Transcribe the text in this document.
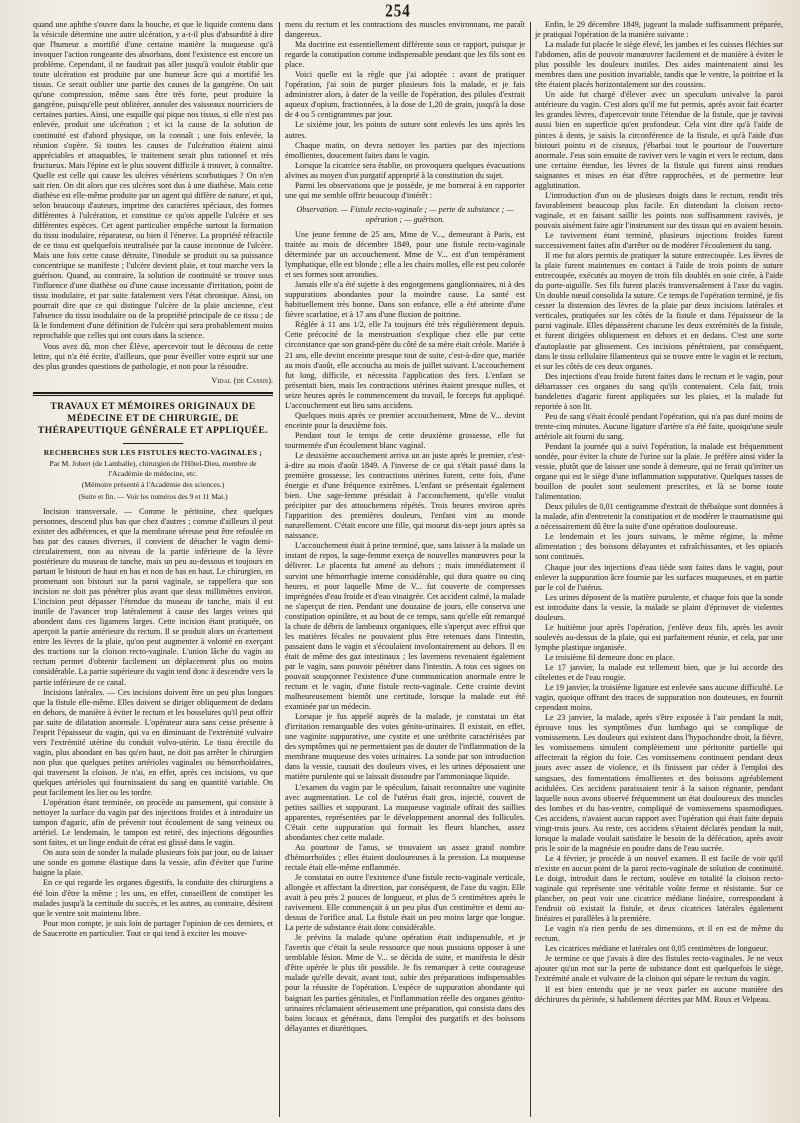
254

quand une aphthe s'ouvre dans la bouche, et que le liquide contenu dans la vésicule détermine une autre ulcération, y a-t-il plus d'absurdité à dire que l'humeur a mortifié d'une certaine manière la muqueuse qu'à invoquer l'action rongeante des absorbans, dont l'existence est encore un problème. Cependant, il ne faudrait pas aller jusqu'à vouloir établir que toute ulcération est produite par une humeur âcre qui a mortifié les tissus. Ce serait oublier une partie des causes de la gangrène. On sait qu'une compression, même sans être très forte, peut produire la gangrène, puisqu'elle peut oblitérer, annuler des vaisseaux nourriciers de certaines parties. Ainsi, une esquille qui pique nos tissus, si elle n'est pas enlevée, produit une ulcération ; et ici la cause de la solution de continuité est d'abord physique, on la connaît ; une fois enlevée, la réunion s'opère. Si toutes les causes de l'ulcération étaient ainsi appréciables et attaquables, le traitement serait plus rationnel et très fructueux. Mais l'épine est le plus souvent difficile à trouver, à connaître. Quelle est celle qui cause les ulcères vénériens scorbutiques ? On n'en sait rien. On dit alors que ces ulcères sont dus à une diathèse. Mais cette diathèse est elle-même produite par un agent qui diffère de nature, et qui, selon beaucoup d'auteurs, imprime des caractères spéciaux, des formes différentes à l'ulcération, et constitue ce qu'on appelle l'ulcère et ses différentes espèces. Cet agent particulier empêche surtout la formation du tissu inodulaire, réparateur, ou bien il l'énerve. La propriété réfractile de ce tissu est quelquefois neutralisée par la cause inconnue de l'ulcère. Mais une fois cette cause détruite, l'inodule se produit ou sa puissance concentrique se manifeste ; l'ulcère devient plaie, et tout marche vers la guérison. Quand, au contraire, la solution de continuité se trouve sous l'influence d'une diathèse ou d'une cause incessante d'irritation, point de tissu inodulaire, et par suite fatalement vers l'état chronique. Ainsi, on pourrait dire que ce qui distingue l'ulcère de la plaie ancienne, c'est l'absence du tissu inodulaire ou de la propriété principale de ce tissu ; de là le fondement d'une définition de l'ulcère qui sera probablement moins reprochable que celles qui ont cours dans la science.

Vous avez dû, mon cher Élève, apercevoir tout le décousu de cette lettre, qui n'a été écrite, d'ailleurs, que pour éveiller votre esprit sur une des plus grandes questions de pathologie, et non pour la résoudre.

Vidal (de Cassis).

TRAVAUX ET MÉMOIRES ORIGINAUX DE MÉDECINE ET DE CHIRURGIE, DE THÉRAPEUTIQUE GÉNÉRALE ET APPLIQUÉE.
RECHERCHES SUR LES FISTULES RECTO-VAGINALES ;
Par M. Jobert (de Lamballe), chirurgien de l'Hôtel-Dieu, membre de l'Académie de médecine, etc.
(Mémoire présenté à l'Académie des sciences.)
(Suite et fin. — Voir les numéros des 9 et 11 Mai.)

Incision transversale. — Comme le péritoine, chez quelques personnes, descend plus bas que chez d'autres ; comme d'ailleurs il peut exister des adhérences, et que la membrane séreuse peut être refoulée en bas par des causes diverses, il convient de détacher le vagin demi-circulairement, non au niveau de la partie inférieure de la lèvre postérieure du museau de tanche, mais un peu au-dessous et toujours en partant le bistouri de haut en bas et non de bas en haut. Le chirurgien, en promenant son bistouri sur la paroi vaginale, se rappellera que son incision ne doit pas pénétrer plus avant que deux millimètres environ. L'incision peut dépasser l'étendue du museau de tanche, mais il est inutile de l'avancer trop latéralement à cause des larges veines qui abondent dans ces ligamens larges. Cette incision étant pratiquée, on aperçoit la partie antérieure du rectum. Il se produit alors un écartement entre les lèvres de la plaie, qu'on peut augmenter à volonté en exerçant des tractions sur la cloison recto-vaginale. L'union lâche du vagin au rectum permet d'obtenir facilement un déplacement plus ou moins considérable. La partie supérieure du vagin tend donc à descendre vers la partie inférieure de ce canal.

Incisions latérales. — Ces incisions doivent être un peu plus longues que la fistule elle-même. Elles doivent se diriger obliquement de dedans en dehors, de manière à éviter le rectum et les bosselures qu'il peut offrir par suite de dilatation anormale. L'opérateur aura sans cesse présente à l'esprit l'épaisseur du vagin, qui va en diminuant de l'extrémité vulvaire vers l'extrémité utérine du conduit vulvo-utérin. Le tissu érectile du vagin, plus abondant en bas qu'en haut, ne doit pas arrêter le chirurgien non plus que quelques petites artérioles vaginales ou hémorrhoïdaires, qui traversent la cloison. Je n'ai, en effet, après ces incisions, vu que quelques artérioles qui fournissaient du sang en quantité variable. On peut facilement les lier ou les tordre.

L'opération étant terminée, on procède au pansement, qui consiste à nettoyer la surface du vagin par des injections froides et à introduire un tampon d'agaric, afin de prévenir tout écoulement de sang veineux ou artériel. Le lendemain, le tampon est retiré, des injections dégourdies sont faites, et un linge enduit de cérat est glissé dans le vagin.

On aura soin de sonder la malade plusieurs fois par jour, ou de laisser une sonde en gomme élastique dans la vessie, afin d'éviter que l'urine baigne la plaie.

En ce qui regarde les organes digestifs, la conduite des chirurgiens a été loin d'être la même ; les uns, en effet, conseillent de constiper les malades jusqu'à la certitude du succès, et les autres, au contraire, désirent que le ventre soit maintenu libre.

Pour mon compte, je suis loin de partager l'opinion de ces derniers, et de Saucerotte en particulier. Tout ce qui tend à exciter les mouve-

mens du rectum et les contractions des muscles environnans, me paraît dangereux.

Ma doctrine est essentiellement différente sous ce rapport, puisque je regarde la constipation comme indispensable pendant que les fils sont en place.

Voici quelle est la règle que j'ai adoptée : avant de pratiquer l'opération, j'ai soin de purger plusieurs fois la malade, et je fais administrer alors, à dater de la veille de l'opération, des pilules d'extrait aqueux d'opium, fractionnées, à la dose de 1,20 de grain, jusqu'à la dose de 4 ou 5 centigrammes par jour.

Le sixième jour, les points de suture sont enlevés les uns après les autres.

Chaque matin, on devra nettoyer les parties par des injections émollientes, doucement faites dans le vagin.

Lorsque la cicatrice sera établie, on provoquera quelques évacuations alvines au moyen d'un purgatif approprié à la constitution du sujet.

Parmi les observations que je possède, je me bornerai à en rapporter une qui me semble offrir beaucoup d'intérêt :

Observation. — Fistule recto-vaginale ; — perte de substance ; — opération ; — guérison.

Une jeune femme de 25 ans, Mme de V..., demeurant à Paris, est traitée au mois de décembre 1849, pour une fistule recto-vaginale déterminée par un accouchement. Mme de V... est d'un tempérament lymphatique, elle est blonde ; elle a les chairs molles, elle est peu colorée et ses formes sont arrondies.

Jamais elle n'a été sujette à des engorgemens ganglionnaires, ni à des suppurations abondantes pour la moindre cause. La santé est habituellement très bonne. Dans son enfance, elle a été atteinte d'une fièvre scarlatine, et à 17 ans d'une fluxion de poitrine.

Réglée à 11 ans 1/2, elle l'a toujours été très régulièrement depuis. Cette précocité de la menstruation s'explique chez elle par cette circonstance que son grand-père du côté de sa mère était créole. Mariée à 21 ans, elle devint enceinte presque tout de suite, c'est-à-dire que, mariée au mois d'août, elle accoucha au mois de juillet suivant. L'accouchement fut long, difficile, et nécessita l'application des fers. L'enfant se présentait bien, mais les contractions utérines étaient presque nulles, et seize heures après le commencement du travail, le forceps fut appliqué. L'accouchement eut lieu sans accidens.

Quelques mois après ce premier accouchement, Mme de V... devint enceinte pour la deuxième fois.

Pendant tout le temps de cette deuxième grossesse, elle fut tourmentée d'un écoulement blanc vaginal.

Le deuxième accouchement arriva un an juste après le premier, c'est-à-dire au mois d'août 1849. A l'inverse de ce qui s'était passé dans la première grossesse, les contractions utérines furent, cette fois, d'une énergie et d'une fréquence extrêmes. L'enfant se présentait également bien. Une sage-femme présidait à l'accouchement, qu'elle voulut précipiter par des attouchemens répétés. Trois heures environ après l'apparition des premières douleurs, l'enfant vint au monde naturellement. C'était encore une fille, qui mourut dix-sept jours après sa naissance.

L'accouchement était à peine terminé, que, sans laisser à la malade un instant de repos, la sage-femme exerça de nouvelles manœuvres pour la délivrer. Le placenta fut amené au dehors ; mais immédiatement il survint une hémorrhagie interne considérable, qui dura quatre ou cinq heures, et pour laquelle Mme de V... fut couverte de compresses imprégnées d'eau froide et d'eau vinaigrée. Cet accident calmé, la malade ne s'aperçut de rien. Pendant une douzaine de jours, elle conserva une constipation opiniâtre, et au bout de ce temps, sans qu'elle eût remarqué la chute de débris de lambeaux organiques, elle s'aperçut avec effroi que les matières fécales ne pouvaient plus être retenues dans l'intestin, passaient dans le vagin et s'écoulaient involontairement au dehors. Il en était de même des gaz intestinaux ; les lavemens revenaient également par le vagin, sans pouvoir pénétrer dans l'intestin. A tous ces signes on pouvait soupçonner l'existence d'une communication anormale entre le rectum et le vagin, d'une fistule recto-vaginale. Cette crainte devint malheureusement bientôt une certitude, lorsque la malade eut été examinée par un médecin.

Lorsque je fus appelé auprès de la malade, je constatai un état d'irritation remarquable des voies génito-urinaires. Il existait, en effet, une vaginite suppurative, une cystite et une uréthrite caractérisées par des symptômes qui ne permettaient pas de douter de l'inflammation de la membrane muqueuse des voies urinaires. La sonde par son introduction dans la vessie, causait des douleurs vives, et les urines déposaient une matière purulente qui se laissait dissoudre par l'ammoniaque liquide.

L'examen du vagin par le spéculum, faisait reconnaître une vaginite avec augmentation. Le col de l'utérus était gros, injecté, couvert de petites saillies et suppurant. La muqueuse vaginale offrait des saillies apparentes, représentées par le développement anormal des follicules. C'était cette suppuration qui formait les fleurs blanches, assez abondantes chez cette malade.

Au pourtour de l'anus, se trouvaient un assez grand nombre d'hémorrhoïdes ; elles étaient douloureuses à la pression. La muqueuse rectale était elle-même enflammée.

Je constatai en outre l'existence d'une fistule recto-vaginale verticale, allongée et affectant la direction, par conséquent, de l'axe du vagin. Elle avait à peu près 2 pouces de longueur, et plus de 5 centimètres après le ravivement. Elle commençait à un peu plus d'un centimètre et demi au-dessus de l'orifice anal. La fistule était un peu moins large que longue. La perte de substance était donc considérable.

Je prévins la malade qu'une opération était indispensable, et je l'avertis que c'était la seule ressource que nous pussions opposer à une semblable lésion. Mme de V... se décida de suite, et manifesta le désir d'être opérée le plus tôt possible. Je fis remarquer à cette courageuse malade qu'elle devait, avant tout, subir des préparations indispensables pour la réussite de l'opération. L'espèce de suppuration abondante qui baignait les parties génitales, et l'inflammation réelle des organes génito-urinaires réclamaient sérieusement une préparation, qui consista dans des bains locaux et généraux, dans l'emploi des purgatifs et des boissons délayantes et diurétiques.

Enfin, le 29 décembre 1849, jugeant la malade suffisamment préparée, je pratiquai l'opération de la manière suivante :

La malade fut placée le siège élevé, les jambes et les cuisses fléchies sur l'abdomen, afin de pouvoir manœuvrer facilement et de manière à éviter le plus possible les douleurs inutiles. Des aides maintenaient ainsi les membres dans une position invariable, tandis que le ventre, la poitrine et la tête étaient placés horizontalement sur des coussins.

Un aide fut chargé d'élever avec un speculum univalve la paroi antérieure du vagin. C'est alors qu'il me fut permis, après avoir fait écarter les grandes lèvres, d'apercevoir toute l'étendue de la fistule, que je ravivai aussi bien en superficie qu'en profondeur. Cela vint dire qu'à l'aide de pinces à dents, je saisis la circonférence de la fistule, et qu'à l'aide d'un bistouri pointu et de ciseaux, j'ébarbai tout le pourtour de l'ouverture anormale. J'eus soin ensuite de raviver vers le vagin et vers le rectum, dans une certaine étendue, les lèvres de la fistule qui furent ainsi rendues saignantes et mises en état d'être rapprochées, et de permettre leur agglutination.

L'introduction d'un ou de plusieurs doigts dans le rectum, rendit très favorablement beaucoup plus facile. En distendant la cloison recto-vaginale, et en faisant saillir les points non suffisamment ravivés, je pouvais aisément faire agir l'instrument sur des tissus qui en avaient besoin.

Le ravivement étant terminé, plusieurs injections froides furent successivement faites afin d'arrêter ou de modérer l'écoulement du sang.

Il me fut alors permis de pratiquer la suture entrecoupée. Les lèvres de la plaie furent maintenues en contact à l'aide de trois points de suture entrecoupée, exécutés au moyen de trois fils doublés en soie cirée, à l'aide du porte-aiguille. Ses fils furent placés transversalement à l'axe du vagin. Un double nœud consolida la suture. Ce temps de l'opération terminé, je fis cesser la distension des lèvres de la plaie par deux incisions latérales et verticales, pratiquées sur les côtés de la fistule et dans l'épaisseur de la paroi vaginale. Elles dépassèrent chacune les deux extrémités de la fistule, et furent dirigées obliquement en dehors et en dedans. C'est une sorte d'autoplastie par glissement. Ces incisions pénétraient, par conséquent, dans le tissu cellulaire filamenteux qui se trouve entre le vagin et le rectum, et sur les côtés de ces deux organes.

Des injections d'eau froide furent faites dans le rectum et le vagin, pour débarrasser ces organes du sang qu'ils contenaient. Cela fait, trois bandelettes d'agaric furent appliquées sur les plaies, et la malade fut reportée à son lit.

Peu de sang s'était écoulé pendant l'opération, qui n'a pas duré moins de trente-cinq minutes. Aucune ligature d'artère n'a été faite, quoiqu'une seule artériole ait fourni du sang.

Pendant la journée qui a suivi l'opération, la malade est fréquemment sondée, pour éviter la chute de l'urine sur la plaie. Je préfère ainsi vider la vessie, plutôt que de laisser une sonde à demeure, qui ne ferait qu'irriter un organe qui est le siège d'une inflammation suppurative. Quelques tasses de bouillon de poulet sont seulement prescrites, et là se borne toute l'alimentation.

Deux pilules de 0,01 centigramme d'extrait de thébaïque sont données à la malade, afin d'entretenir la constipation et de modérer le traumatisme qui a nécessairement dû être la suite d'une opération douloureuse.

Le lendemain et les jours suivans, le même régime, la même alimentation ; des boissons délayantes et rafraîchissantes, et les opiacés sont continués.

Chaque jour des injections d'eau tiède sont faites dans le vagin, pour enlever la suppuration âcre fournie par les surfaces muqueuses, et en partie par le col de l'utérus.

Les urines déposent de la matière purulente, et chaque fois que la sonde est introduite dans la vessie, la malade se plaint d'éprouver de violentes douleurs.

Le huitième jour après l'opération, j'enlève deux fils, après les avoir soulevés au-dessus de la plaie, qui est parfaitement réunie, et cela, par une lymphe plastique organisée.

Le troisième fil demeure donc en place.

Le 17 janvier, la malade est tellement bien, que je lui accorde des côtelettes et de l'eau rougie.

Le 19 janvier, la troisième ligature est enlevée sans aucune difficulté. Le vagin, quoique offrant des traces de suppuration non douteuses, en fournit cependant moins.

Le 23 janvier, la malade, après s'être exposée à l'air pendant la nuit, éprouve tous les symptômes d'un lumbago qui se complique de vomissemens. Les douleurs qui existent dans l'hypochondre droit, la fièvre, les vomissemens simulent complètement une péritonite partielle qui affecterait la région du foie. Ces vomissemens continuent pendant deux jours avec assez de violence, et ils finissent par céder à l'emploi des sangsues, des fomentations émollientes et des boissons agréablement acidulées. Ces accidens paraissaient tenir à la saison régnante, pendant laquelle nous avons observé fréquemment un état douloureux des muscles des lombes et du bas-ventre, compliqué de vomissemens spasmodiques. Ces accidens, n'avaient aucun rapport avec l'opération qui était faite depuis vingt-trois jours. Au reste, ces accidens s'étaient déclarés pendant la nuit, lorsque la malade voulait satisfaire le besoin de la défécation, après avoir pris le soir de la magnésie en poudre dans de l'eau sucrée.

Le 4 février, je procède à un nouvel examen. Il est facile de voir qu'il n'existe en aucun point de la paroi recto-vaginale de solution de continuité. Le doigt, introduit dans le rectum, soulève en totalité la cloison recto-vaginale qui représente une véritable voûte ferme et résistante. Sur ce plancher, on peut voir une cicatrice médiane linéaire, correspondant à l'endroit où existait la fistule, et deux cicatrices latérales également linéaires et parallèles à la première.

Le vagin n'a rien perdu de ses dimensions, et il en est de même du rectum.

Les cicatrices médiane et latérales ont 0,05 centimètres de longueur.

Je termine ce que j'avais à dire des fistules recto-vaginales. Je ne veux ajouter qu'un mot sur la perte de substance dont est quelquefois le siège, l'extrémité anale et vulvaire de la cloison qui sépare le rectum du vagin.

Il est bien entendu que je ne veux parler en aucune manière des déchirures du périnée, si habilement décrites par MM. Roux et Velpeau.
